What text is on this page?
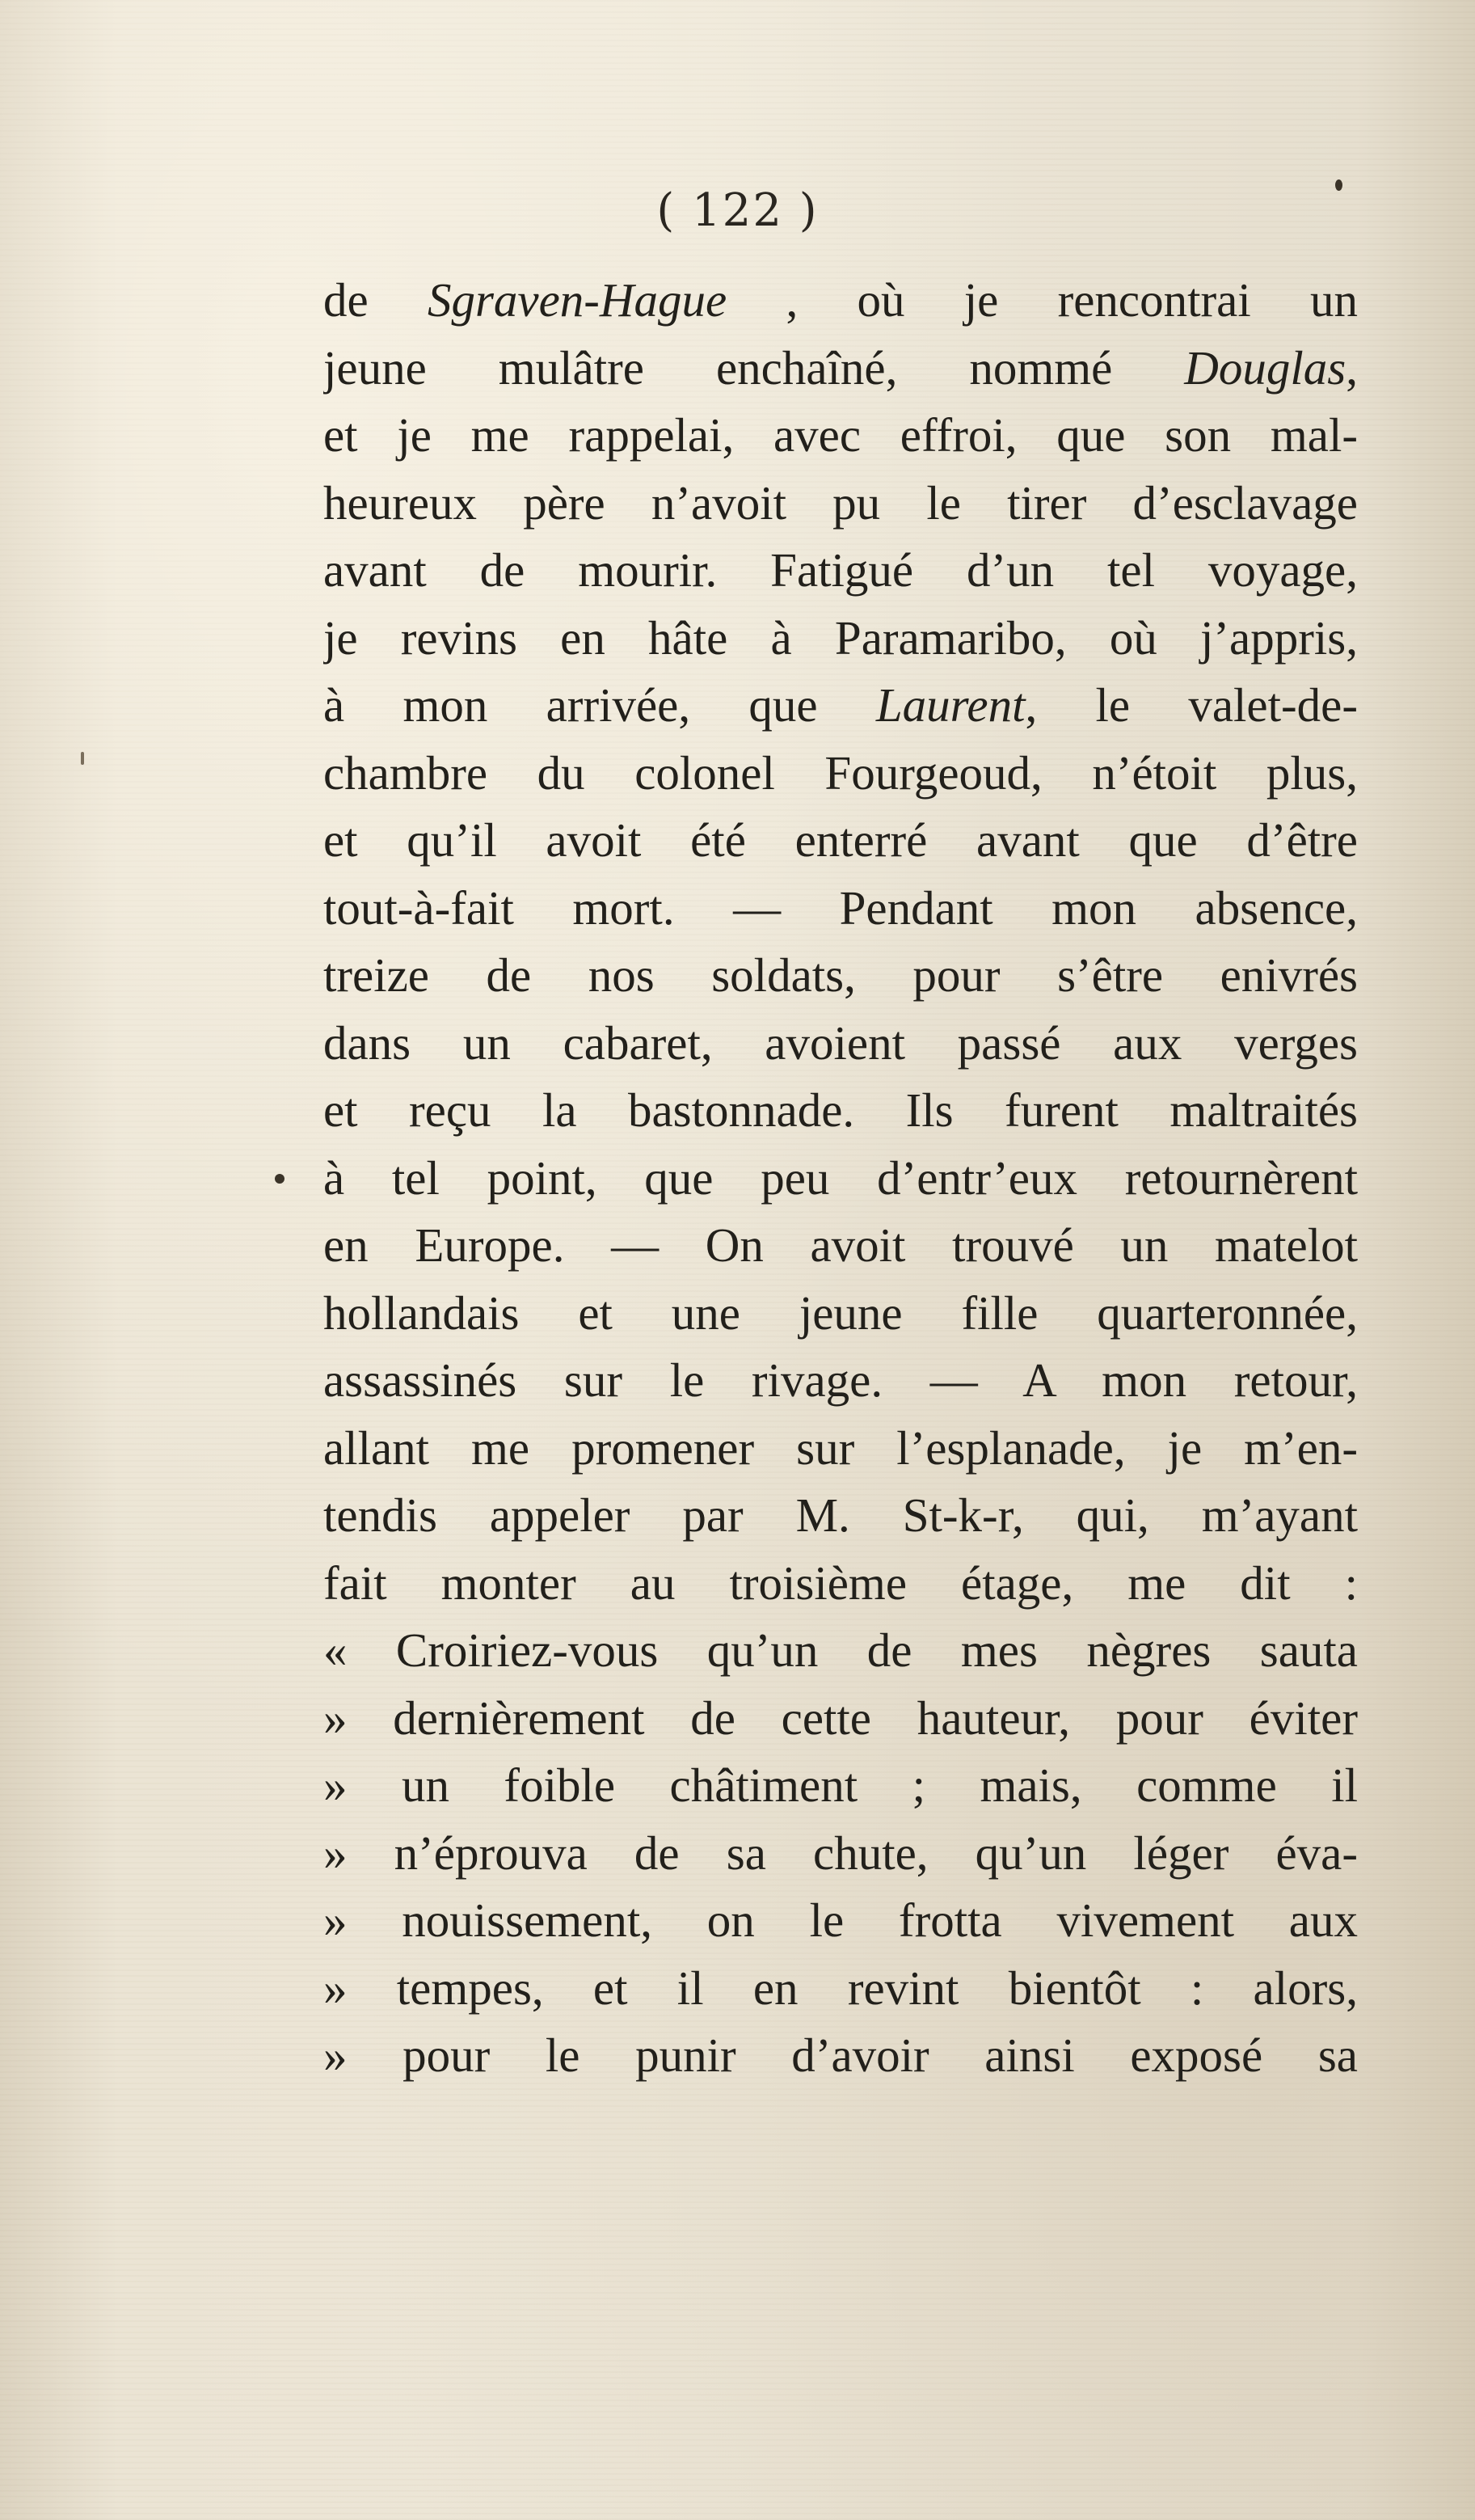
( 122 )
de Sgraven-Hague , où je rencontrai un
jeune mulâtre enchaîné, nommé Douglas,
et je me rappelai, avec effroi, que son mal-
heureux père n’avoit pu le tirer d’esclavage
avant de mourir. Fatigué d’un tel voyage,
je revins en hâte à Paramaribo, où j’appris,
à mon arrivée, que Laurent, le valet-de-
chambre du colonel Fourgeoud, n’étoit plus,
et qu’il avoit été enterré avant que d’être
tout-à-fait mort. — Pendant mon absence,
treize de nos soldats, pour s’être enivrés
dans un cabaret, avoient passé aux verges
et reçu la bastonnade. Ils furent maltraités
à tel point, que peu d’entr’eux retournèrent
en Europe. — On avoit trouvé un matelot
hollandais et une jeune fille quarteronnée,
assassinés sur le rivage. — A mon retour,
allant me promener sur l’esplanade, je m’en-
tendis appeler par M. St-k-r, qui, m’ayant
fait monter au troisième étage, me dit :
« Croiriez-vous qu’un de mes nègres sauta
» dernièrement de cette hauteur, pour éviter
» un foible châtiment ; mais, comme il
» n’éprouva de sa chute, qu’un léger éva-
» nouissement, on le frotta vivement aux
» tempes, et il en revint bientôt : alors,
» pour le punir d’avoir ainsi exposé sa
